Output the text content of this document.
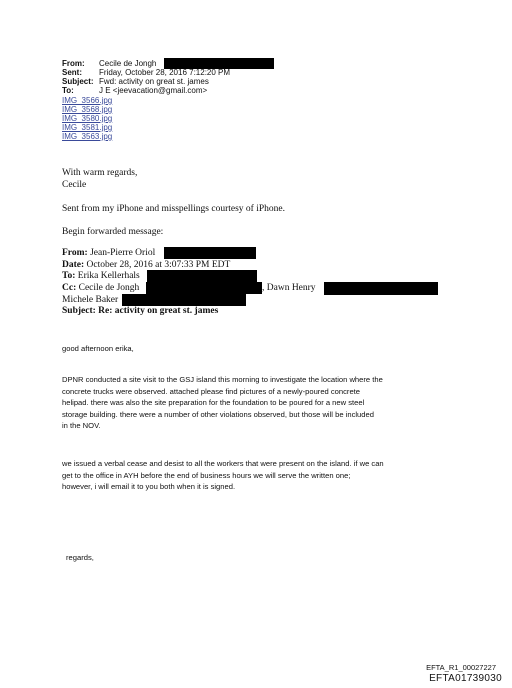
From: Cecile de Jongh
Sent: Friday, October 28, 2016 7:12:20 PM
Subject: Fwd: activity on great st. james
To:	J E <jeevacation@gmail.com>
IMG_3566.jpg
IMG_3568.jpg
IMG_3580.jpg
IMG_3581.jpg
IMG_3563.jpg
With warm regards,
Cecile
Sent from my iPhone and misspellings courtesy of iPhone.
Begin forwarded message:
From: Jean-Pierre Oriol
Date: October 28, 2016 at 3:07:33 PM EDT
To: Erika Kellerhals
Cc: Cecile de Jongh	, Dawn Henry
Michele Baker
Subject: Re: activity on great st. james
good afternoon erika,
DPNR conducted a site visit to the GSJ island this morning to investigate the location where the
concrete trucks were observed. attached please find pictures of a newly-poured concrete
helipad. there was also the site preparation for the foundation to be poured for a new steel
storage building. there were a number of other violations observed, but those will be included
in the NOV.
we issued a verbal cease and desist to all the workers that were present on the island. if we can
get to the office in AYH before the end of business hours we will serve the written one;
however, i will email it to you both when it is signed.
regards,
EFTA_R1_00027227
EFTA01739030
